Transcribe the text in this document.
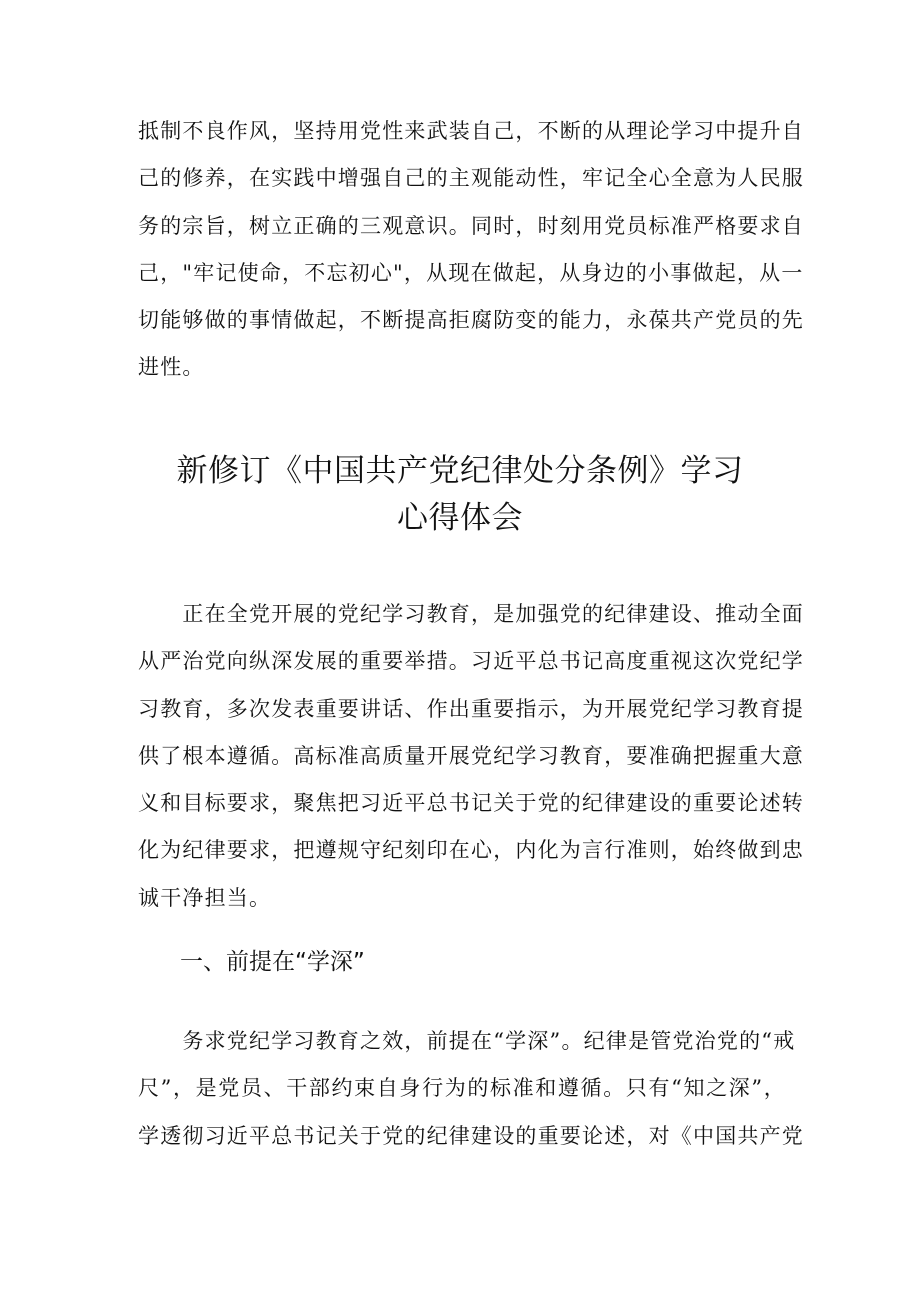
抵制不良作风，坚持用党性来武装自己，不断的从理论学习中提升自
己的修养，在实践中增强自己的主观能动性，牢记全心全意为人民服
务的宗旨，树立正确的三观意识。同时，时刻用党员标准严格要求自
己，"牢记使命，不忘初心"，从现在做起，从身边的小事做起，从一
切能够做的事情做起，不断提高拒腐防变的能力，永葆共产党员的先
进性。
新修订《中国共产党纪律处分条例》学习
心得体会
　　正在全党开展的党纪学习教育，是加强党的纪律建设、推动全面
从严治党向纵深发展的重要举措。习近平总书记高度重视这次党纪学
习教育，多次发表重要讲话、作出重要指示，为开展党纪学习教育提
供了根本遵循。高标准高质量开展党纪学习教育，要准确把握重大意
义和目标要求，聚焦把习近平总书记关于党的纪律建设的重要论述转
化为纪律要求，把遵规守纪刻印在心，内化为言行准则，始终做到忠
诚干净担当。
一、前提在“学深”
　　务求党纪学习教育之效，前提在“学深”。纪律是管党治党的“戒
尺”，是党员、干部约束自身行为的标准和遵循。只有“知之深”，
学透彻习近平总书记关于党的纪律建设的重要论述，对《中国共产党
